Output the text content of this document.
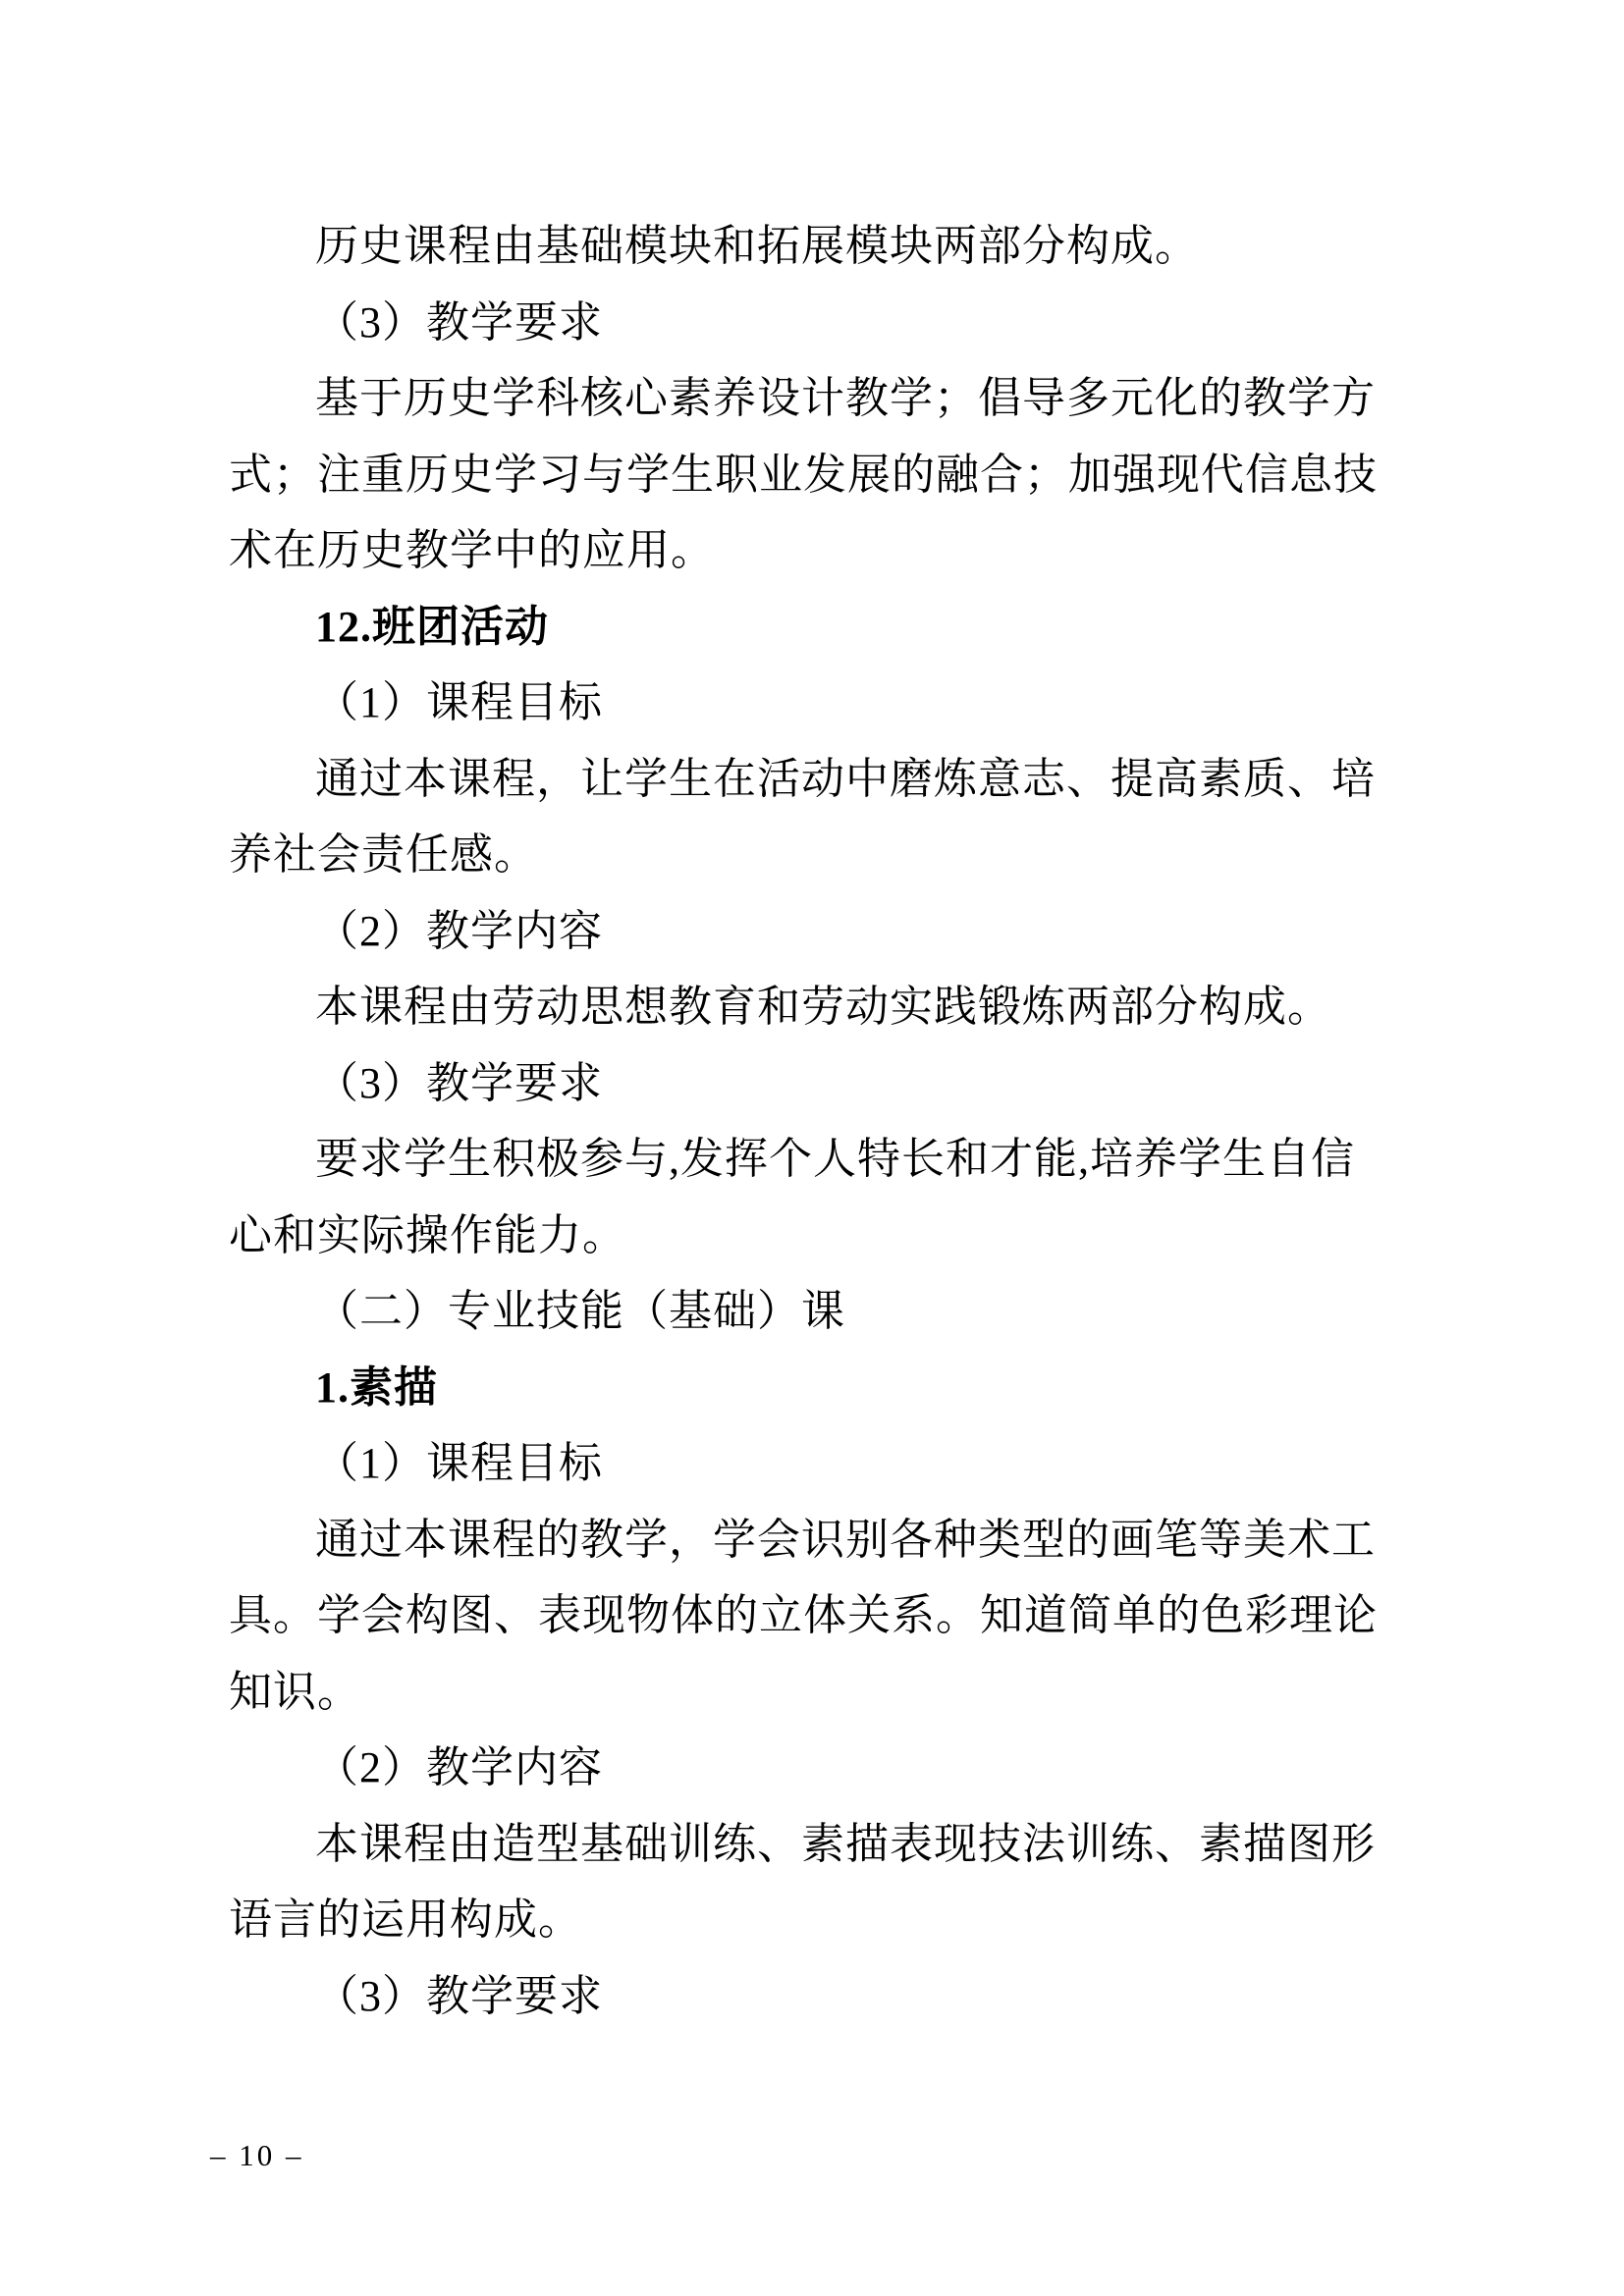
历史课程由基础模块和拓展模块两部分构成。
（3）教学要求
基于历史学科核心素养设计教学；倡导多元化的教学方
式；注重历史学习与学生职业发展的融合；加强现代信息技
术在历史教学中的应用。
12.班团活动
（1）课程目标
通过本课程，让学生在活动中磨炼意志、提高素质、培
养社会责任感。
（2）教学内容
本课程由劳动思想教育和劳动实践锻炼两部分构成。
（3）教学要求
要求学生积极参与,发挥个人特长和才能,培养学生自信
心和实际操作能力。
（二）专业技能（基础）课
1.素描
（1）课程目标
通过本课程的教学，学会识别各种类型的画笔等美术工
具。学会构图、表现物体的立体关系。知道简单的色彩理论
知识。
（2）教学内容
本课程由造型基础训练、素描表现技法训练、素描图形
语言的运用构成。
（3）教学要求
– 10 –
